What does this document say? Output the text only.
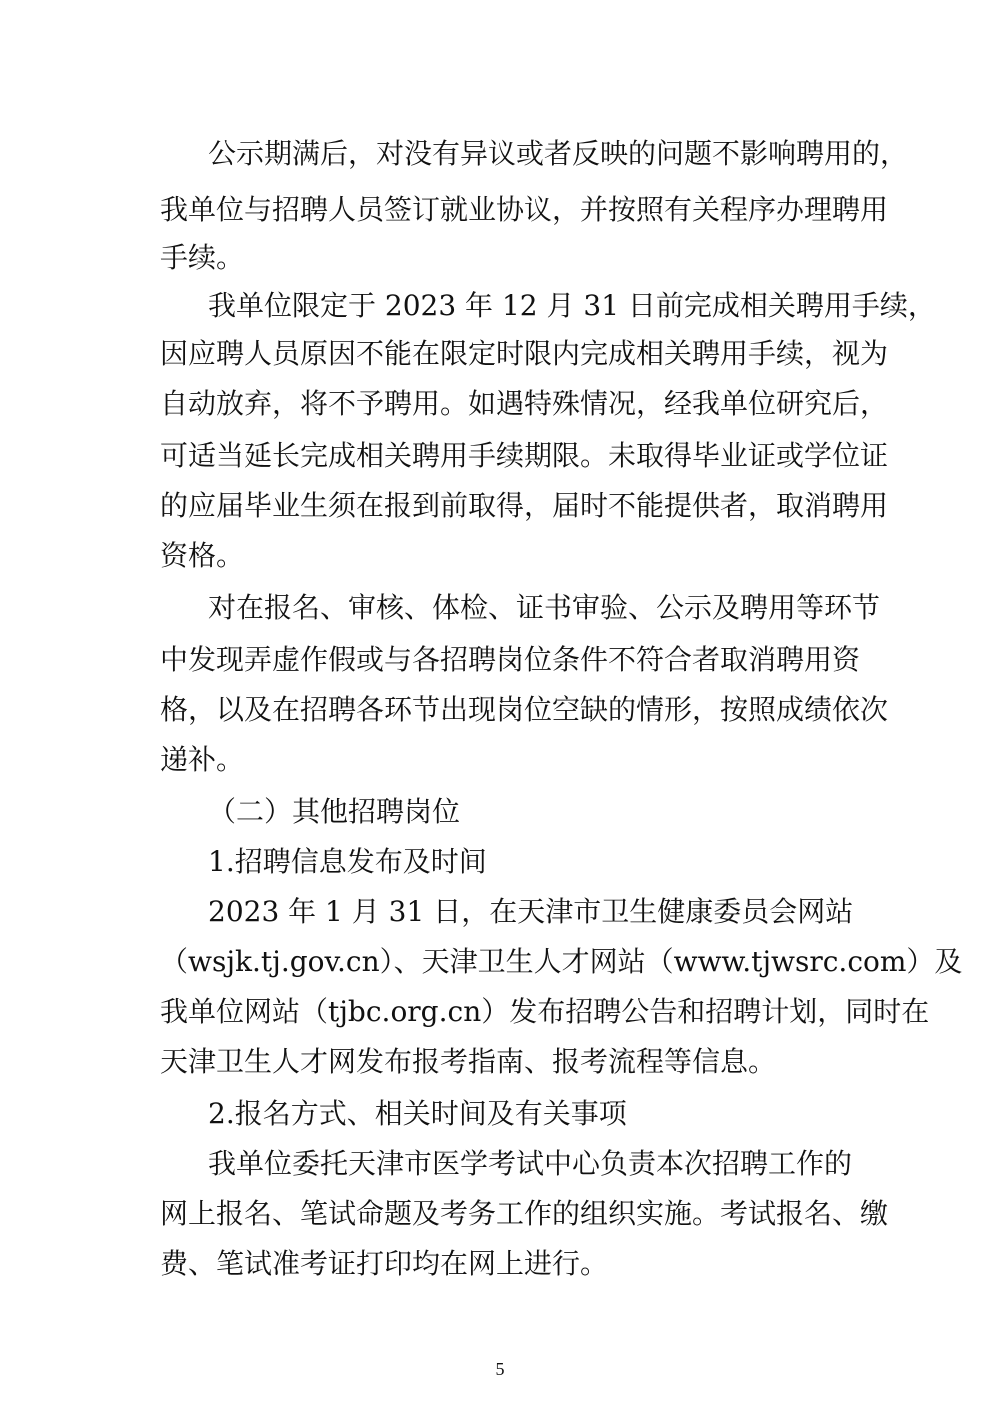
公示期满后，对没有异议或者反映的问题不影响聘用的，
我单位与招聘人员签订就业协议，并按照有关程序办理聘用
手续。
我单位限定于 2023 年 12 月 31 日前完成相关聘用手续，
因应聘人员原因不能在限定时限内完成相关聘用手续，视为
自动放弃，将不予聘用。如遇特殊情况，经我单位研究后，
可适当延长完成相关聘用手续期限。未取得毕业证或学位证
的应届毕业生须在报到前取得，届时不能提供者，取消聘用
资格。
对在报名、审核、体检、证书审验、公示及聘用等环节
中发现弄虚作假或与各招聘岗位条件不符合者取消聘用资
格，以及在招聘各环节出现岗位空缺的情形，按照成绩依次
递补。
（二）其他招聘岗位
1.招聘信息发布及时间
2023 年 1 月 31 日，在天津市卫生健康委员会网站
（wsjk.tj.gov.cn）、天津卫生人才网站（www.tjwsrc.com）及
我单位网站（tjbc.org.cn）发布招聘公告和招聘计划，同时在
天津卫生人才网发布报考指南、报考流程等信息。
2.报名方式、相关时间及有关事项
我单位委托天津市医学考试中心负责本次招聘工作的
网上报名、笔试命题及考务工作的组织实施。考试报名、缴
费、笔试准考证打印均在网上进行。
5
